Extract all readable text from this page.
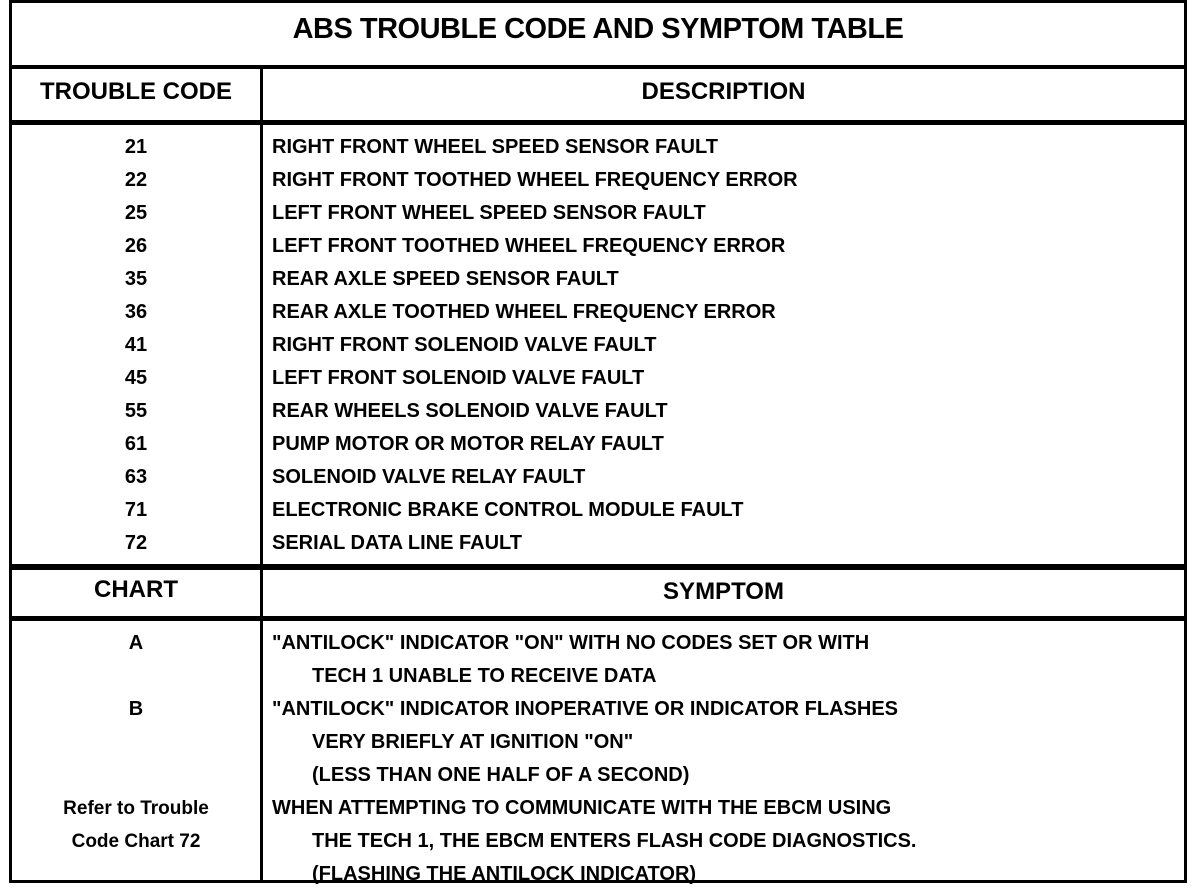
ABS TROUBLE CODE AND SYMPTOM TABLE
TROUBLE CODE	DESCRIPTION
21	RIGHT FRONT WHEEL SPEED SENSOR FAULT
22	RIGHT FRONT TOOTHED WHEEL FREQUENCY ERROR
25	LEFT FRONT WHEEL SPEED SENSOR FAULT
26	LEFT FRONT TOOTHED WHEEL FREQUENCY ERROR
35	REAR AXLE SPEED SENSOR FAULT
36	REAR AXLE TOOTHED WHEEL FREQUENCY ERROR
41	RIGHT FRONT SOLENOID VALVE FAULT
45	LEFT FRONT SOLENOID VALVE FAULT
55	REAR WHEELS SOLENOID VALVE FAULT
61	PUMP MOTOR OR MOTOR RELAY FAULT
63	SOLENOID VALVE RELAY FAULT
71	ELECTRONIC BRAKE CONTROL MODULE FAULT
72	SERIAL DATA LINE FAULT
CHART	SYMPTOM
A	"ANTILOCK" INDICATOR "ON" WITH NO CODES SET OR WITH
TECH 1 UNABLE TO RECEIVE DATA
B	"ANTILOCK" INDICATOR INOPERATIVE OR INDICATOR FLASHES
VERY BRIEFLY AT IGNITION "ON"
(LESS THAN ONE HALF OF A SECOND)
Refer to Trouble	WHEN ATTEMPTING TO COMMUNICATE WITH THE EBCM USING
Code Chart 72	THE TECH 1, THE EBCM ENTERS FLASH CODE DIAGNOSTICS.
(FLASHING THE ANTILOCK INDICATOR)
